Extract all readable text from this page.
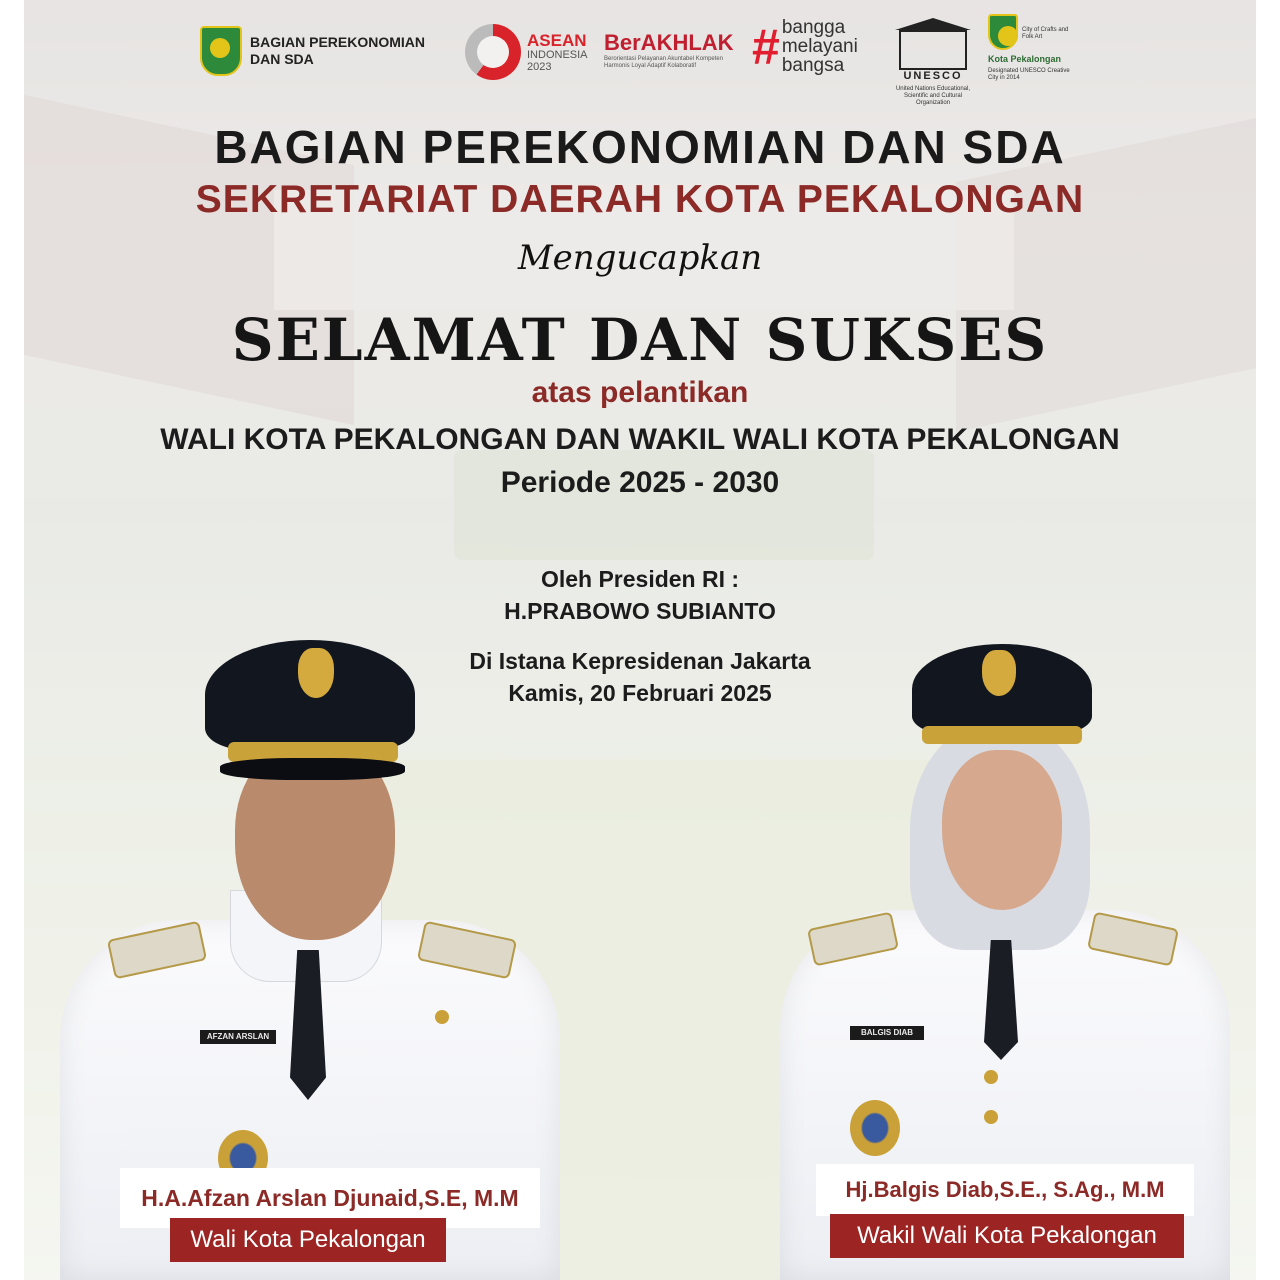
BAGIAN PEREKONOMIAN
DAN SDA
ASEAN
INDONESIA
2023
BerAKHLAK
Berorientasi Pelayanan Akuntabel Kompeten Harmonis Loyal Adaptif Kolaboratif	# bangga
melayani
bangsa	UNESCO
United Nations Educational, Scientific and Cultural Organization
City of Crafts and Folk Art
Kota Pekalongan
Designated UNESCO Creative City in 2014

BAGIAN PEREKONOMIAN DAN SDA

SEKRETARIAT DAERAH KOTA PEKALONGAN

Mengucapkan

SELAMAT DAN SUKSES

atas pelantikan

WALI KOTA PEKALONGAN DAN WAKIL WALI KOTA PEKALONGAN

Periode 2025 - 2030

Oleh Presiden RI :

H.PRABOWO SUBIANTO

Di Istana Kepresidenan Jakarta

Kamis, 20 Februari 2025

AFZAN ARSLAN	BALGIS DIAB
H.A.Afzan Arslan Djunaid,S.E, M.M
Wali Kota Pekalongan
Hj.Balgis Diab,S.E., S.Ag., M.M
Wakil Wali Kota Pekalongan
